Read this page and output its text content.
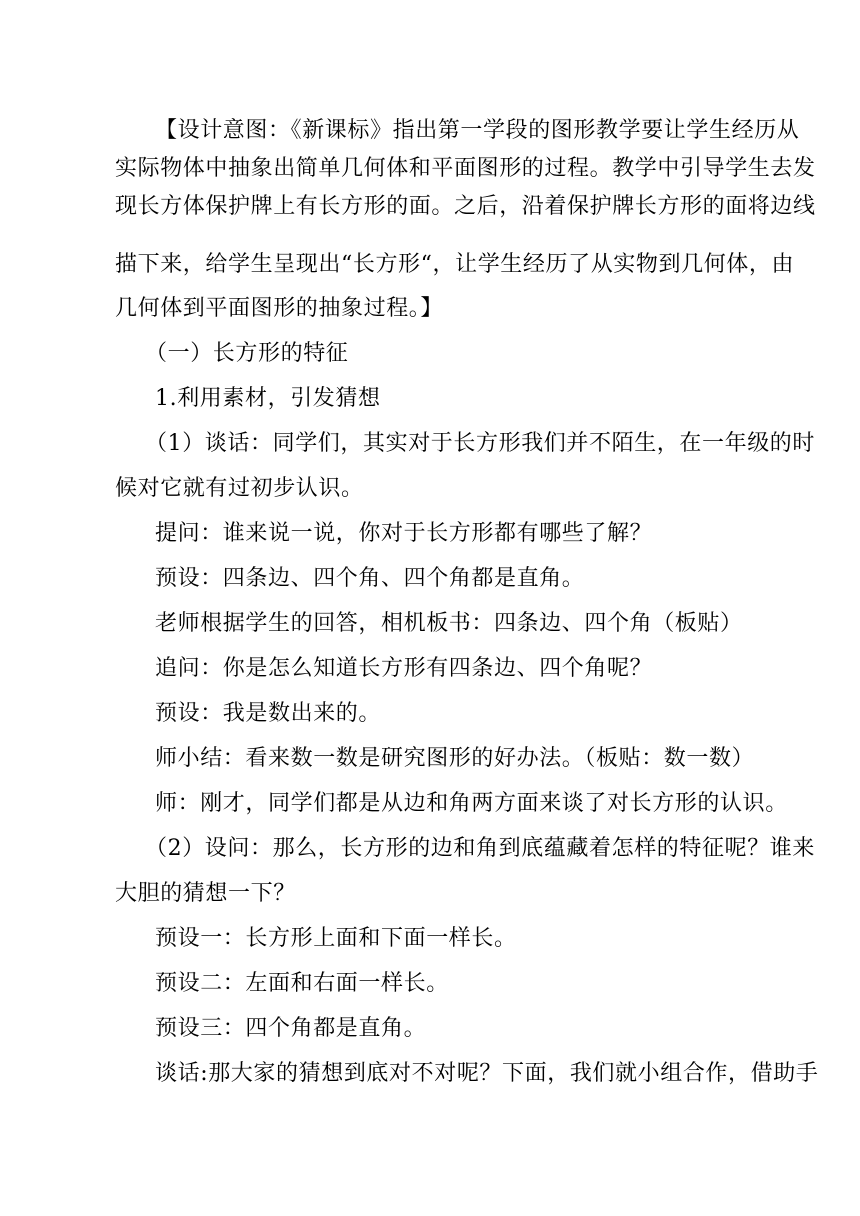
【设计意图：《新课标》指出第一学段的图形教学要让学生经历从
实际物体中抽象出简单几何体和平面图形的过程。教学中引导学生去发
现长方体保护牌上有长方形的面。之后，沿着保护牌长方形的面将边线
描下来，给学生呈现出“长方形“，让学生经历了从实物到几何体，由
几何体到平面图形的抽象过程。】
（一）长方形的特征
1.利用素材，引发猜想
（1）谈话：同学们，其实对于长方形我们并不陌生，在一年级的时
候对它就有过初步认识。
提问：谁来说一说，你对于长方形都有哪些了解？
预设：四条边、四个角、四个角都是直角。
老师根据学生的回答，相机板书：四条边、四个角（板贴）
追问：你是怎么知道长方形有四条边、四个角呢？
预设：我是数出来的。
师小结：看来数一数是研究图形的好办法。（板贴：数一数）
师：刚才，同学们都是从边和角两方面来谈了对长方形的认识。
（2）设问：那么，长方形的边和角到底蕴藏着怎样的特征呢？谁来
大胆的猜想一下？
预设一：长方形上面和下面一样长。
预设二：左面和右面一样长。
预设三：四个角都是直角。
谈话:那大家的猜想到底对不对呢？下面，我们就小组合作，借助手
